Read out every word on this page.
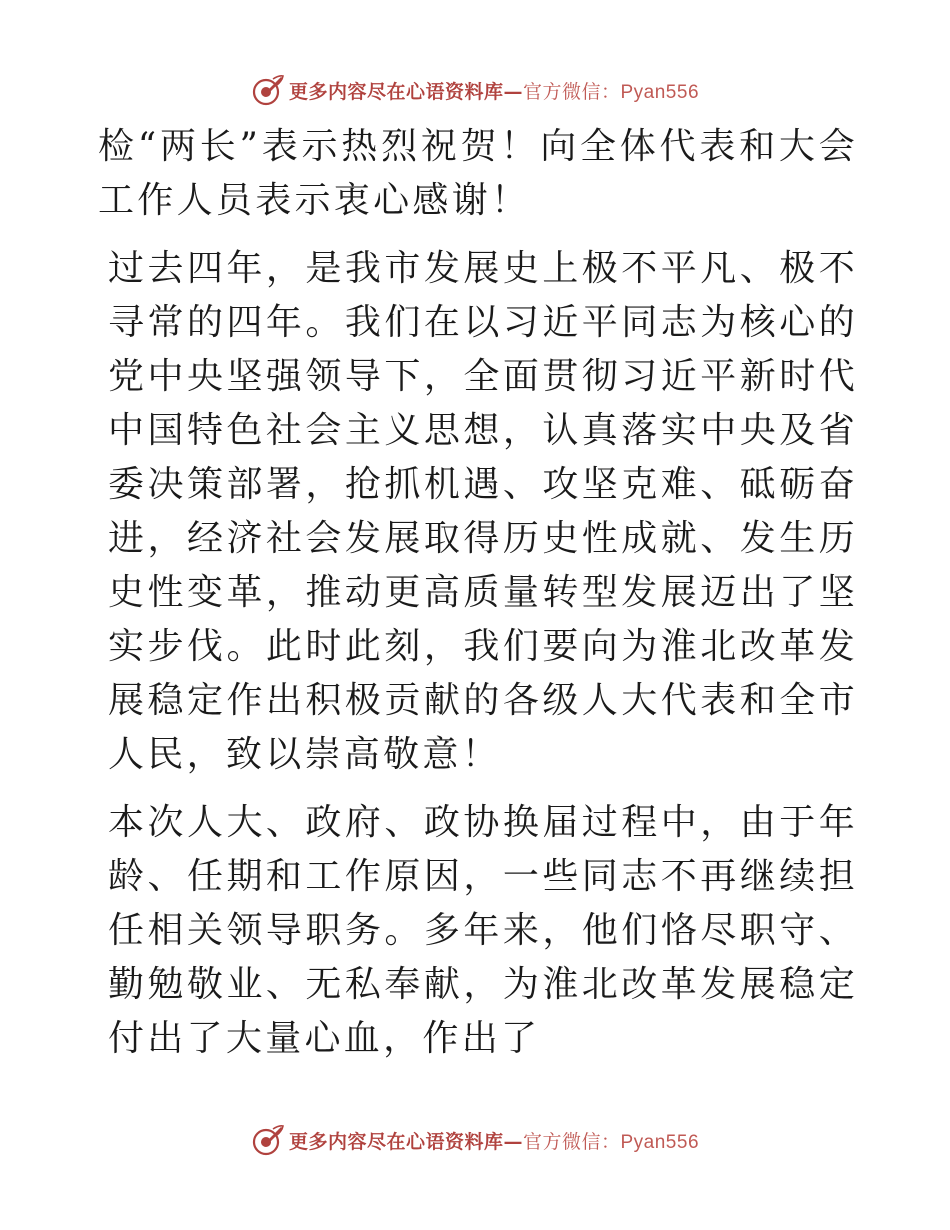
更多内容尽在心语资料库—官方微信：Pyan556

检“两长”表示热烈祝贺！向全体代表和大会工作人员表示衷心感谢！

过去四年，是我市发展史上极不平凡、极不寻常的四年。我们在以习近平同志为核心的党中央坚强领导下，全面贯彻习近平新时代中国特色社会主义思想，认真落实中央及省委决策部署，抢抓机遇、攻坚克难、砥砺奋进，经济社会发展取得历史性成就、发生历史性变革，推动更高质量转型发展迈出了坚实步伐。此时此刻，我们要向为淮北改革发展稳定作出积极贡献的各级人大代表和全市人民，致以崇高敬意！

本次人大、政府、政协换届过程中，由于年龄、任期和工作原因，一些同志不再继续担任相关领导职务。多年来，他们恪尽职守、勤勉敬业、无私奉献，为淮北改革发展稳定付出了大量心血，作出了

更多内容尽在心语资料库—官方微信：Pyan556
